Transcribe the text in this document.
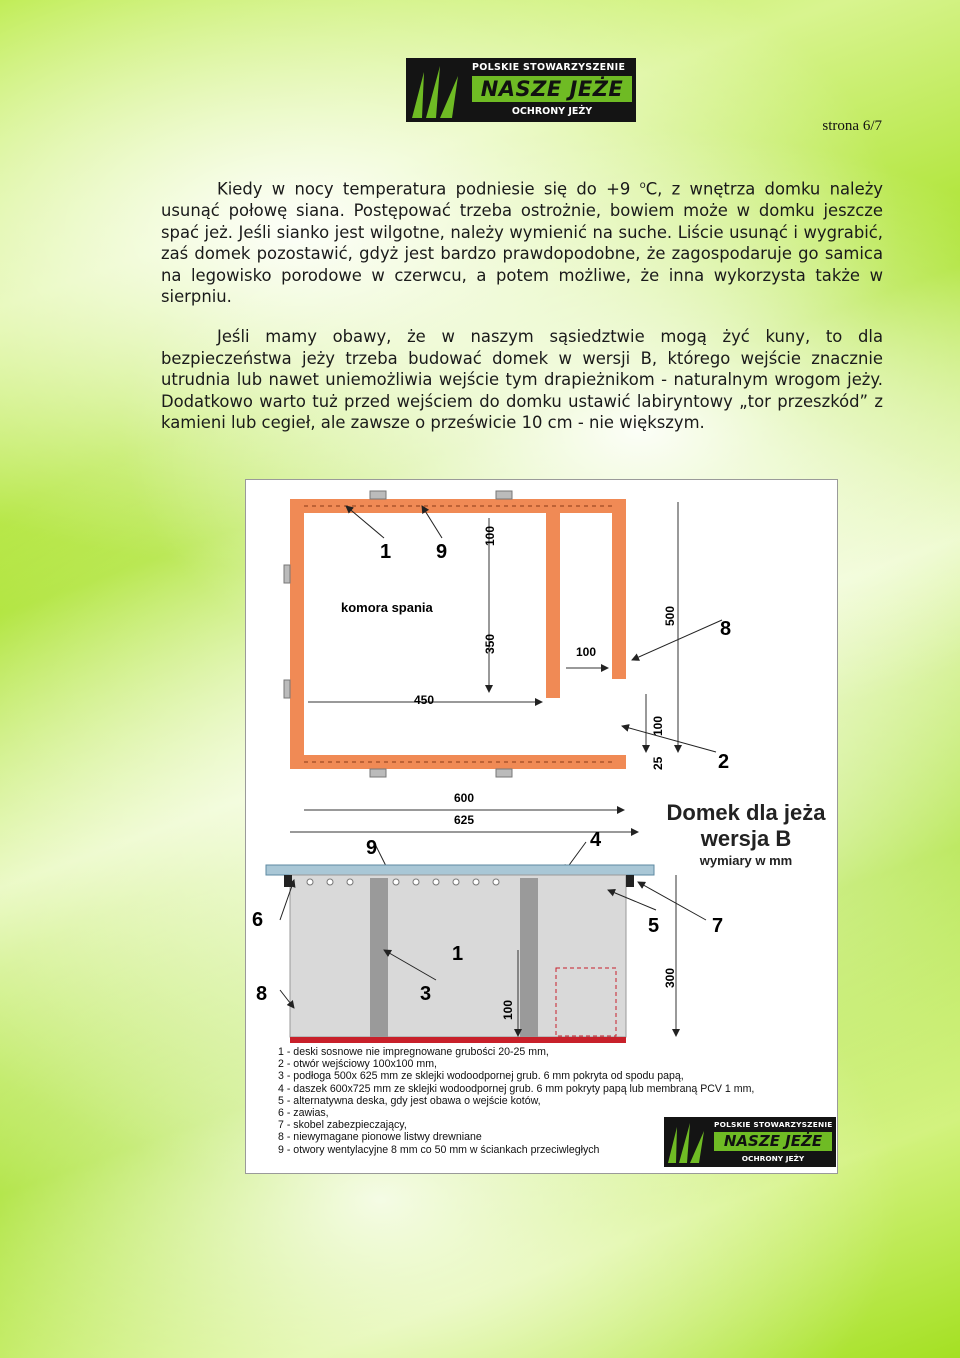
POLSKIE STOWARZYSZENIE
NASZE JEŻE
OCHRONY JEŻY
strona 6/7

Kiedy w nocy temperatura podniesie się do +9 $^o$C, z wnętrza domku należy usunąć połowę siana. Postępować trzeba ostrożnie, bowiem może w domku jeszcze spać jeż. Jeśli sianko jest wilgotne, należy wymienić na suche. Liście usunąć i wygrabić, zaś domek pozostawić, gdyż jest bardzo prawdopodobne, że zagospodaruje go samica na legowisko porodowe w czerwcu, a potem możliwe, że inna wykorzysta także w sierpniu.

Jeśli mamy obawy, że w naszym sąsiedztwie mogą żyć kuny, to dla bezpieczeństwa jeży trzeba budować domek w wersji B, którego wejście znacznie utrudnia lub nawet uniemożliwia wejście tym drapieżnikom - naturalnym wrogom jeży. Dodatkowo warto tuż przed wejściem do domku ustawić labiryntowy „tor przeszkód” z kamieni lub cegieł, ale zawsze o prześwicie 10 cm - nie większym.

komora spania
1 9
8
2
9	4
6
1
5	7
8	3
450
100
600
625
100
350
500
100
25
300
100
Domek dla jeża
wersja B
wymiary w mm
1 - deski sosnowe nie impregnowane grubości 20-25 mm,
2 - otwór wejściowy 100x100 mm,
3 - podłoga 500x 625 mm ze sklejki wodoodpornej grub. 6 mm pokryta od spodu papą,
4 - daszek 600x725 mm ze sklejki wodoodpornej grub. 6 mm pokryty papą lub membraną PCV 1 mm,
5 - alternatywna deska, gdy jest obawa o wejście kotów,
6 - zawias,
7 - skobel zabezpieczający,
8 - niewymagane pionowe listwy drewniane
9 - otwory wentylacyjne 8 mm co 50 mm w ściankach przeciwległych
POLSKIE STOWARZYSZENIE
NASZE JEŻE
OCHRONY JEŻY
